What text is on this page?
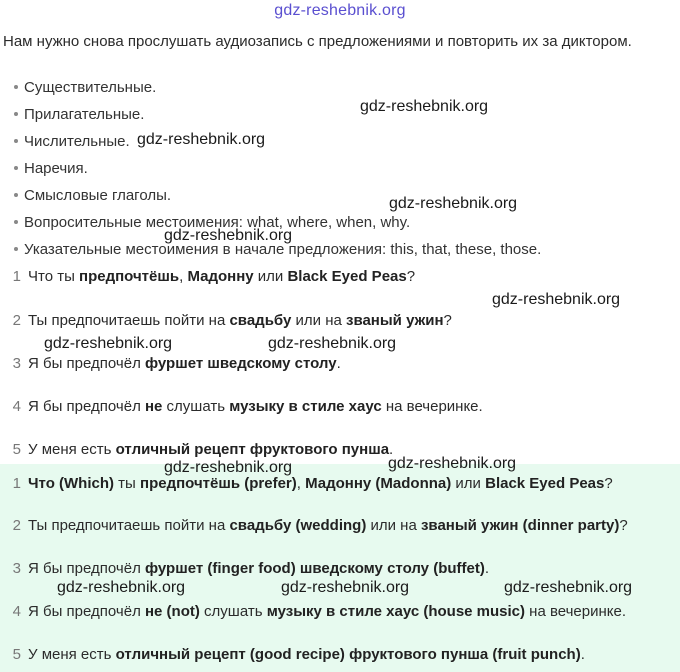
gdz-reshebnik.org
Нам нужно снова прослушать аудиозапись с предложениями и повторить их за диктором.
Существительные.
Прилагательные.
Числительные.
Наречия.
Смысловые глаголы.
Вопросительные местоимения: what, where, when, why.
Указательные местоимения в начале предложения: this, that, these, those.
1 Что ты предпочтёшь, Мадонну или Black Eyed Peas?
2 Ты предпочитаешь пойти на свадьбу или на званый ужин?
3 Я бы предпочёл фуршет шведскому столу.
4 Я бы предпочёл не слушать музыку в стиле хаус на вечеринке.
5 У меня есть отличный рецепт фруктового пунша.
1 Что (Which) ты предпочтёшь (prefer), Мадонну (Madonna) или Black Eyed Peas?
2 Ты предпочитаешь пойти на свадьбу (wedding) или на званый ужин (dinner party)?
3 Я бы предпочёл фуршет (finger food) шведскому столу (buffet).
4 Я бы предпочёл не (not) слушать музыку в стиле хаус (house music) на вечеринке.
5 У меня есть отличный рецепт (good recipe) фруктового пунша (fruit punch).
gdz-reshebnik.org
gdz-reshebnik.org
gdz-reshebnik.org
gdz-reshebnik.org
gdz-reshebnik.org
gdz-reshebnik.org	gdz-reshebnik.org
gdz-reshebnik.org
gdz-reshebnik.org
gdz-reshebnik.org	gdz-reshebnik.org	gdz-reshebnik.org
